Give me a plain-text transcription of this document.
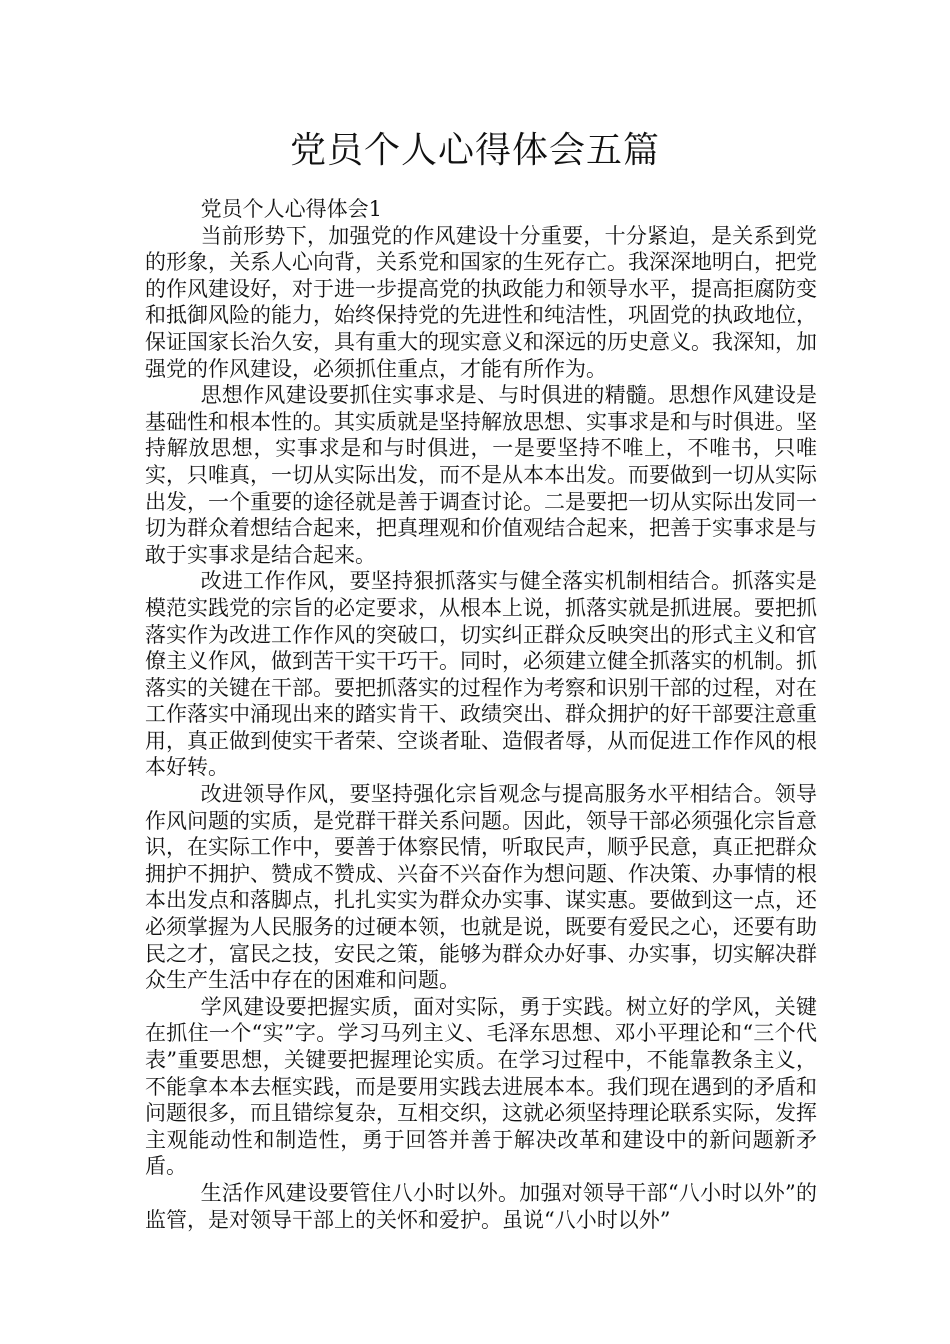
党员个人心得体会五篇

党员个人心得体会1

当前形势下，加强党的作风建设十分重要，十分紧迫，是关系到党的形象，关系人心向背，关系党和国家的生死存亡。我深深地明白，把党的作风建设好，对于进一步提高党的执政能力和领导水平，提高拒腐防变和抵御风险的能力，始终保持党的先进性和纯洁性，巩固党的执政地位，保证国家长治久安，具有重大的现实意义和深远的历史意义。我深知，加强党的作风建设，必须抓住重点，才能有所作为。

思想作风建设要抓住实事求是、与时俱进的精髓。思想作风建设是基础性和根本性的。其实质就是坚持解放思想、实事求是和与时俱进。坚持解放思想，实事求是和与时俱进，一是要坚持不唯上，不唯书，只唯实，只唯真，一切从实际出发，而不是从本本出发。而要做到一切从实际出发，一个重要的途径就是善于调查讨论。二是要把一切从实际出发同一切为群众着想结合起来，把真理观和价值观结合起来，把善于实事求是与敢于实事求是结合起来。

改进工作作风，要坚持狠抓落实与健全落实机制相结合。抓落实是模范实践党的宗旨的必定要求，从根本上说，抓落实就是抓进展。要把抓落实作为改进工作作风的突破口，切实纠正群众反映突出的形式主义和官僚主义作风，做到苦干实干巧干。同时，必须建立健全抓落实的机制。抓落实的关键在干部。要把抓落实的过程作为考察和识别干部的过程，对在工作落实中涌现出来的踏实肯干、政绩突出、群众拥护的好干部要注意重用，真正做到使实干者荣、空谈者耻、造假者辱，从而促进工作作风的根本好转。

改进领导作风，要坚持强化宗旨观念与提高服务水平相结合。领导作风问题的实质，是党群干群关系问题。因此，领导干部必须强化宗旨意识，在实际工作中，要善于体察民情，听取民声，顺乎民意，真正把群众拥护不拥护、赞成不赞成、兴奋不兴奋作为想问题、作决策、办事情的根本出发点和落脚点，扎扎实实为群众办实事、谋实惠。要做到这一点，还必须掌握为人民服务的过硬本领，也就是说，既要有爱民之心，还要有助民之才，富民之技，安民之策，能够为群众办好事、办实事，切实解决群众生产生活中存在的困难和问题。

学风建设要把握实质，面对实际，勇于实践。树立好的学风，关键在抓住一个“实”字。学习马列主义、毛泽东思想、邓小平理论和“三个代表”重要思想，关键要把握理论实质。在学习过程中，不能靠教条主义，不能拿本本去框实践，而是要用实践去进展本本。我们现在遇到的矛盾和问题很多，而且错综复杂，互相交织，这就必须坚持理论联系实际，发挥主观能动性和制造性，勇于回答并善于解决改革和建设中的新问题新矛盾。

生活作风建设要管住八小时以外。加强对领导干部“八小时以外”的监管，是对领导干部上的关怀和爱护。虽说“八小时以外”
